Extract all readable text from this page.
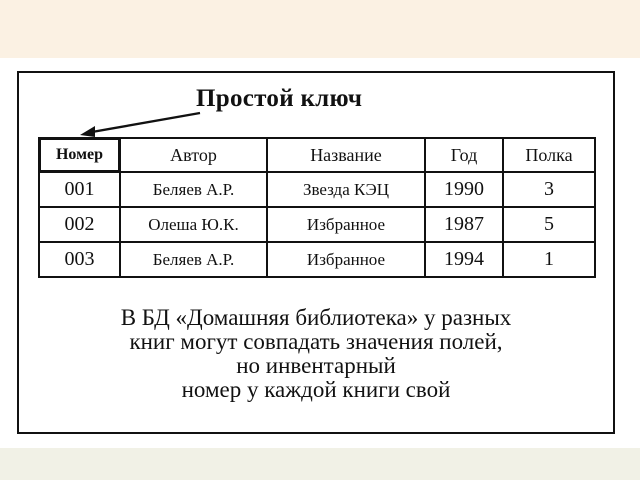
Простой ключ
Номер	Автор	Название	Год	Полка
001	Беляев А.Р.	Звезда КЭЦ	1990	3
002	Олеша Ю.К.	Избранное	1987	5
003	Беляев А.Р.	Избранное	1994	1
В БД «Домашняя библиотека» у разных
книг могут совпадать значения полей,
но инвентарный
номер у каждой книги свой
